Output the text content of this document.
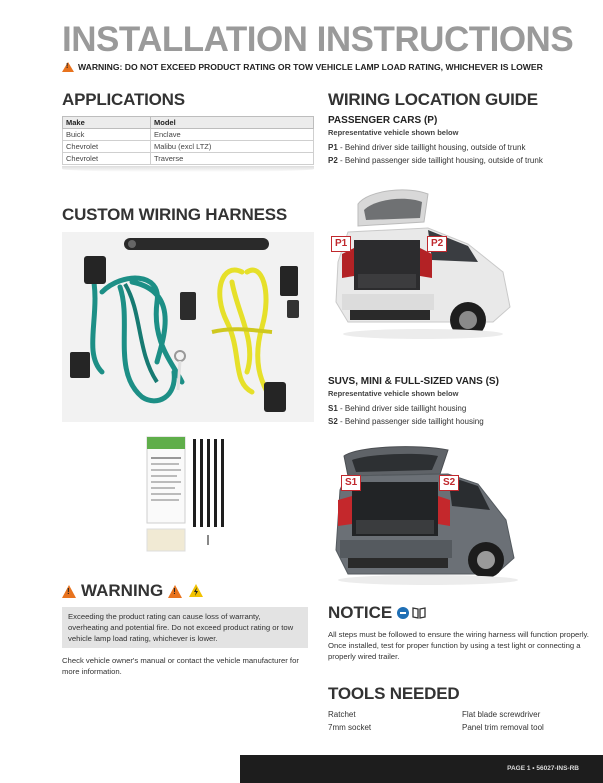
INSTALLATION INSTRUCTIONS
!
WARNING: DO NOT EXCEED PRODUCT RATING OR TOW VEHICLE LAMP LOAD RATING, WHICHEVER IS LOWER
APPLICATIONS
Make	Model
Buick	Enclave
Chevrolet	Malibu (excl LTZ)
Chevrolet	Traverse
CUSTOM WIRING HARNESS
WIRING LOCATION GUIDE
PASSENGER CARS (P)
Representative vehicle shown below
P1 - Behind driver side taillight housing, outside of trunk
P2 - Behind passenger side taillight housing, outside of trunk
P1	P2
SUVS, MINI & FULL-SIZED VANS (S)
Representative vehicle shown below
S1 - Behind driver side taillight housing
S2 - Behind passenger side taillight housing
S1	S2
!
WARNING
!
Exceeding the product rating can cause loss of warranty, overheating and potential fire. Do not exceed product rating or tow vehicle lamp load rating, whichever is lower.
Check vehicle owner's manual or contact the vehicle manufacturer for more information.
NOTICE
All steps must be followed to ensure the wiring harness will function properly. Once installed, test for proper function by using a test light or connecting a properly wired trailer.
TOOLS NEEDED
Ratchet
7mm socket
Flat blade screwdriver
Panel trim removal tool
PAGE 1 • 56027-INS-RB
